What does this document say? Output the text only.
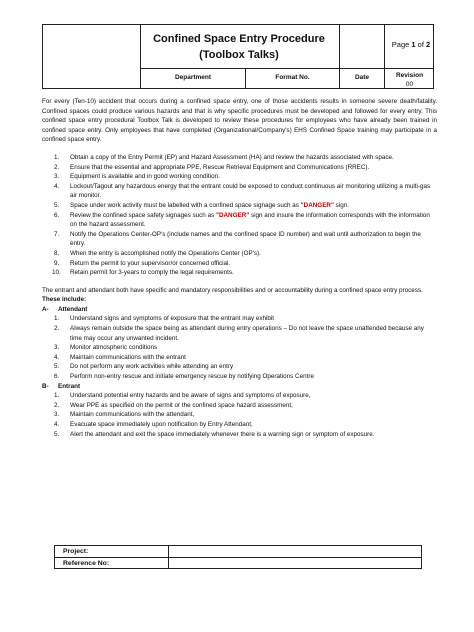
Confined Space Entry Procedure
(Toolbox Talks)
Page 1 of 2
Department	Format No.	Date	Revision
00

For every (Ten-10) accident that occurs during a confined space entry, one of those accidents results in someone severe death/fatality. Confined spaces could produce various hazards and that is why specific procedures must be developed and followed for every entry. This confined space entry procedural Toolbox Talk is developed to review these procedures for employees who have already been trained in confined space entry. Only employees that have completed (Organizational/Company's) EHS Confined Space training may participate in a confined space entry.

1. Obtain a copy of the Entry Permit (EP) and Hazard Assessment (HA) and review the hazards associated with space.
2. Ensure that the essential and appropriate PPE, Rescue Retrieval Equipment and Communications (RREC).
3. Equipment is available and in good working condition.
4. Lockout/Tagout any hazardous energy that the entrant could be exposed to conduct continuous air monitoring utilizing a multi-gas air monitor.
5. Space under work activity must be labelled with a confined space signage such as "DANGER" sign.
6. Review the confined space safety signages such as "DANGER" sign and insure the information corresponds with the information on the hazard assessment.
7. Notify the Operations Center-OP's (include names and the confined space ID number) and wait until authorization to begin the entry.
8. When the entry is accomplished notify the Operations Center (OP's).
9. Return the permit to your supervisor/or concerned official.
10. Retain permit for 3-years to comply the legal requirements.

The entrant and attendant both have specific and mandatory responsibilities and or accountability during a confined space entry process.

These include:
A-	Attendant
1. Understand signs and symptoms of exposure that the entrant may exhibit
2. Always remain outside the space being as attendant during entry operations – Do not leave the space unattended because any time may occur any unwanted incident.
3. Monitor atmospheric conditions
4. Maintain communications with the entrant
5. Do not perform any work activities while attending an entry
6. Perform non-entry rescue and initiate emergency rescue by notifying Operations Centre
B-	Entrant
1. Understand potential entry hazards and be aware of signs and symptoms of exposure,
2. Wear PPE as specified on the permit or the confined space hazard assessment,
3. Maintain communications with the attendant,
4. Evacuate space immediately upon notification by Entry Attendant,
5. Alert the attendant and exit the space immediately whenever there is a warning sign or symptom of exposure.
Project:
Reference No:
